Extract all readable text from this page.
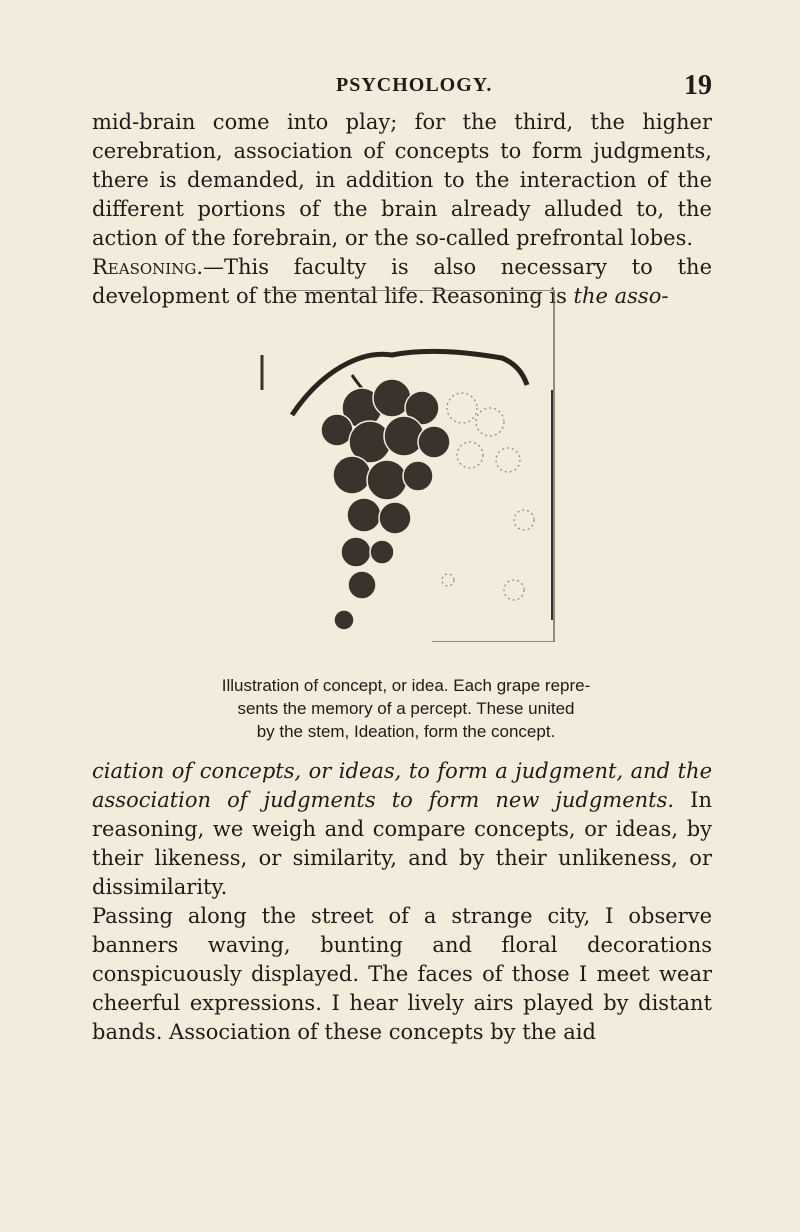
PSYCHOLOGY.	19

mid-brain come into play; for the third, the higher cerebration, association of concepts to form judgments, there is demanded, in addition to the interaction of the different portions of the brain already alluded to, the action of the forebrain, or the so-called prefrontal lobes.

Reasoning.—This faculty is also necessary to the development of the mental life. Reasoning is the asso-

Illustration of concept, or idea. Each grape repre-
sents the memory of a percept. These united
by the stem, Ideation, form the concept.

ciation of concepts, or ideas, to form a judgment, and the association of judgments to form new judgments. In reasoning, we weigh and compare concepts, or ideas, by their likeness, or similarity, and by their unlikeness, or dissimilarity.

Passing along the street of a strange city, I observe banners waving, bunting and floral decorations conspicuously displayed. The faces of those I meet wear cheerful expressions. I hear lively airs played by distant bands. Association of these concepts by the aid
